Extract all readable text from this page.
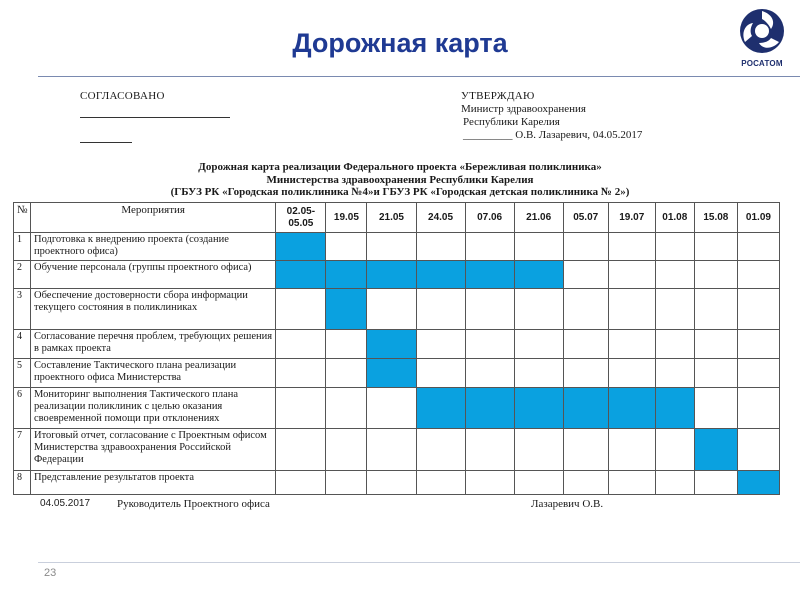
Дорожная карта
РОСАТОМ
СОГЛАСОВАНО	УТВЕРЖДАЮ
Министр здравоохранения
Республики Карелия
_________ О.В. Лазаревич, 04.05.2017
Дорожная карта реализации Федерального проекта «Бережливая поликлиника»
Министерства здравоохранения Республики Карелия
(ГБУЗ РК «Городская поликлиника №4»и ГБУЗ РК «Городская детская поликлиника № 2»)
№	Мероприятия	02.05-05.05	19.05	21.05	24.05	07.06	21.06	05.07	19.07	01.08	15.08	01.09
1	Подготовка к внедрению проекта (создание проектного офиса)											
2	Обучение персонала (группы проектного офиса)											
3	Обеспечение достоверности сбора информации текущего состояния в поликлиниках											
4	Согласование перечня проблем, требующих решения в рамках проекта											
5	Составление Тактического плана реализации проектного офиса Министерства											
6	Мониторинг выполнения Тактического плана реализации поликлиник с целью оказания своевременной помощи при отклонениях											
7	Итоговый отчет, согласование с Проектным офисом Министерства здравоохранения Российской Федерации											
8	Представление результатов проекта											
04.05.2017 Руководитель Проектного офиса	Лазаревич О.В.
23
